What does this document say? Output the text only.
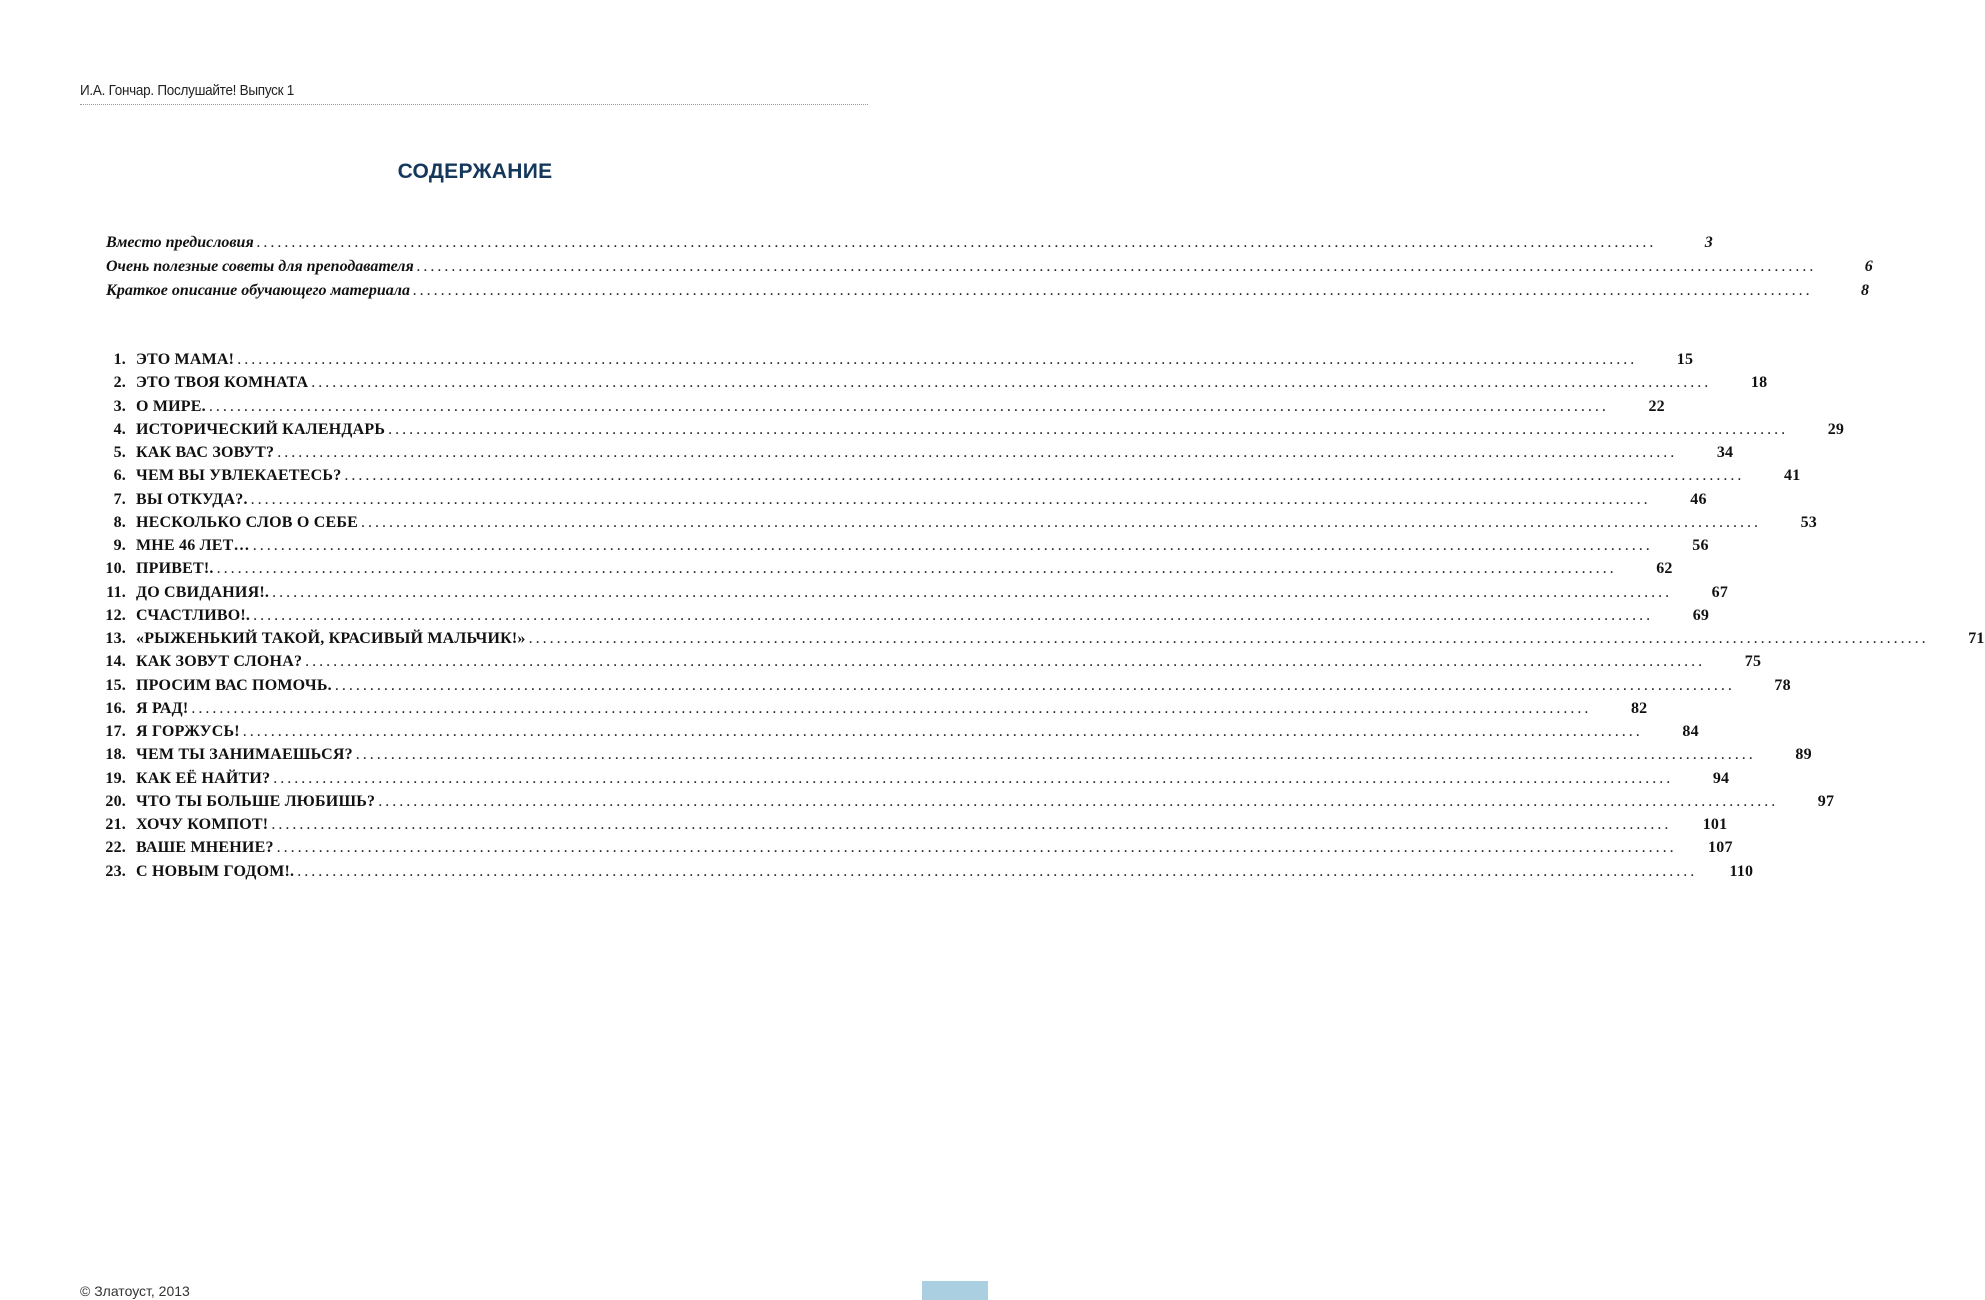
И.А. Гончар. Послушайте! Выпуск 1
СОДЕРЖАНИЕ
Вместо предисловия ........................................................................................................................................................................................................	3
Очень полезные советы для преподавателя ........................................................................................................................................................................................................	6
Краткое описание обучающего материала ........................................................................................................................................................................................................	8
1. ЭТО МАМА! ........................................................................................................................................................................................................	15
2. ЭТО ТВОЯ КОМНАТА ........................................................................................................................................................................................................	18
3. О МИРЕ. ........................................................................................................................................................................................................	22
4. ИСТОРИЧЕСКИЙ КАЛЕНДАРЬ ........................................................................................................................................................................................................	29
5. КАК ВАС ЗОВУТ? ........................................................................................................................................................................................................	34
6. ЧЕМ ВЫ УВЛЕКАЕТЕСЬ? ........................................................................................................................................................................................................	41
7. ВЫ ОТКУДА?. ........................................................................................................................................................................................................	46
8. НЕСКОЛЬКО СЛОВ О СЕБЕ ........................................................................................................................................................................................................	53
9. МНЕ 46 ЛЕТ… ........................................................................................................................................................................................................	56
10. ПРИВЕТ!. ........................................................................................................................................................................................................	62
11. ДО СВИДАНИЯ!. ........................................................................................................................................................................................................	67
12. СЧАСТЛИВО!. ........................................................................................................................................................................................................	69
13. «РЫЖЕНЬКИЙ ТАКОЙ, КРАСИВЫЙ МАЛЬЧИК!» ........................................................................................................................................................................................................	71
14. КАК ЗОВУТ СЛОНА? ........................................................................................................................................................................................................	75
15. ПРОСИМ ВАС ПОМОЧЬ. ........................................................................................................................................................................................................	78
16. Я РАД! ........................................................................................................................................................................................................	82
17. Я ГОРЖУСЬ! ........................................................................................................................................................................................................	84
18. ЧЕМ ТЫ ЗАНИМАЕШЬСЯ? ........................................................................................................................................................................................................	89
19. КАК ЕЁ НАЙТИ? ........................................................................................................................................................................................................	94
20. ЧТО ТЫ БОЛЬШЕ ЛЮБИШЬ? ........................................................................................................................................................................................................	97
21. ХОЧУ КОМПОТ! ........................................................................................................................................................................................................	101
22. ВАШЕ МНЕНИЕ? ........................................................................................................................................................................................................	107
23. С НОВЫМ ГОДОМ!. ........................................................................................................................................................................................................	110
© Златоуст, 2013
